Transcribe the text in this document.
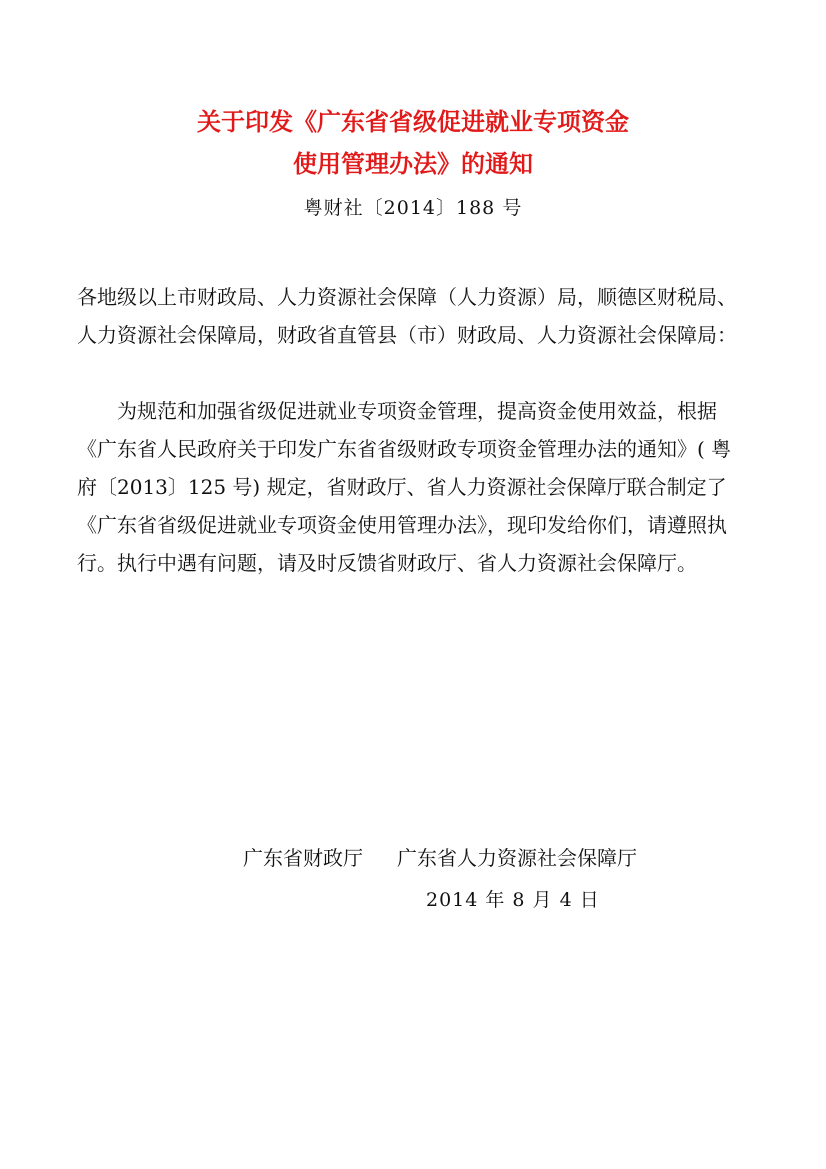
关于印发《广东省省级促进就业专项资金
使用管理办法》的通知
粤财社〔2014〕188 号
各地级以上市财政局、人力资源社会保障（人力资源）局，顺德区财税局、人力资源社会保障局，财政省直管县（市）财政局、人力资源社会保障局：
为规范和加强省级促进就业专项资金管理，提高资金使用效益，根据《广东省人民政府关于印发广东省省级财政专项资金管理办法的通知》( 粤府〔2013〕125 号) 规定，省财政厅、省人力资源社会保障厅联合制定了《广东省省级促进就业专项资金使用管理办法》，现印发给你们，请遵照执行。执行中遇有问题，请及时反馈省财政厅、省人力资源社会保障厅。
广东省财政厅 广东省人力资源社会保障厅
2014 年 8 月 4 日
